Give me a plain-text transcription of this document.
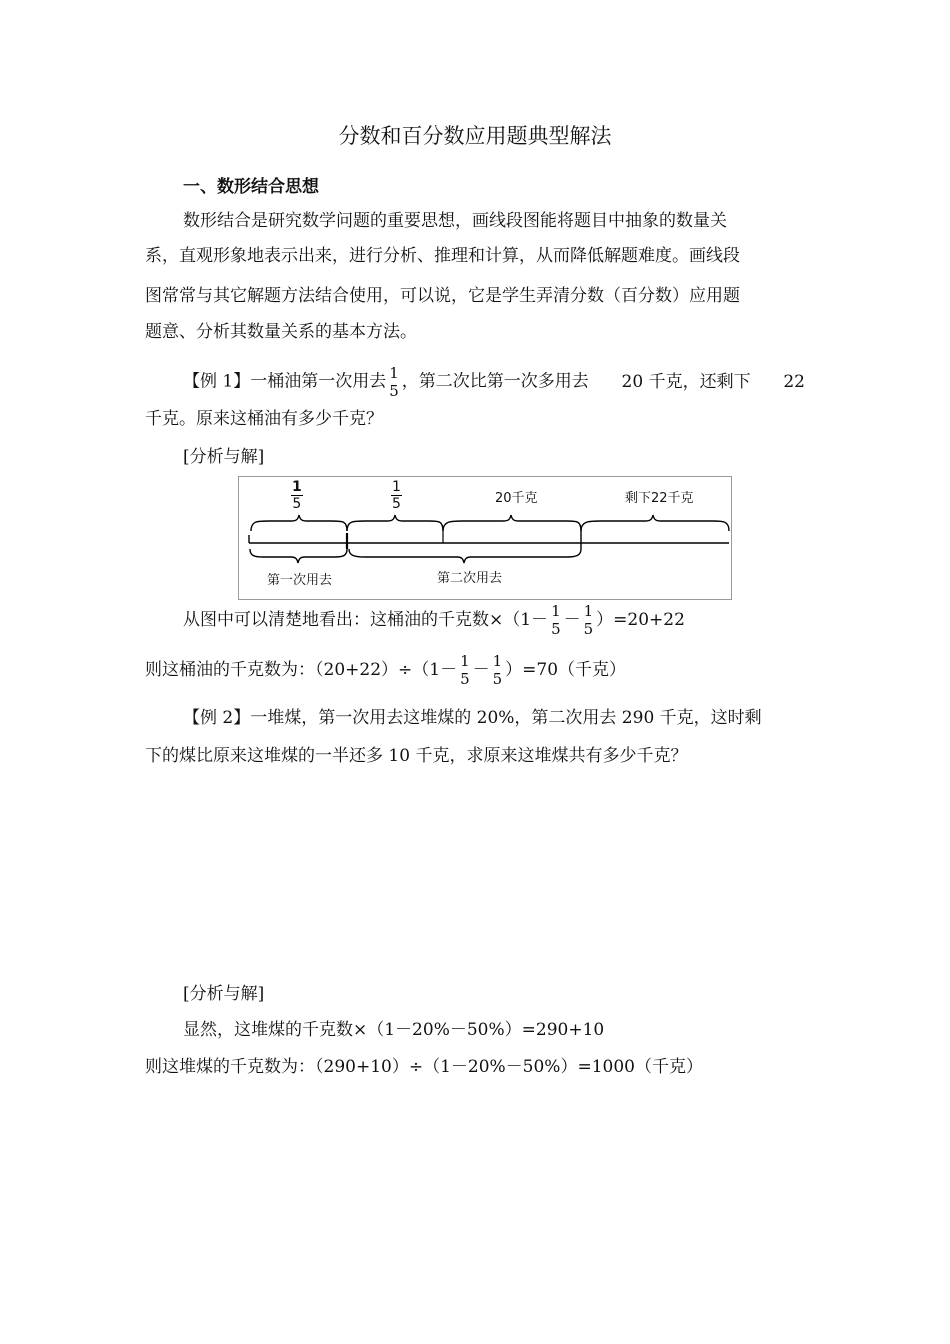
分数和百分数应用题典型解法
一、数形结合思想
数形结合是研究数学问题的重要思想，画线段图能将题目中抽象的数量关
系，直观形象地表示出来，进行分析、推理和计算，从而降低解题难度。画线段
图常常与其它解题方法结合使用，可以说，它是学生弄清分数（百分数）应用题
题意、分析其数量关系的基本方法。
【例 1】一桶油第一次用去 1
5 ，第二次比第一次多用去 20 千克，还剩下 22
千克。原来这桶油有多少千克？
[分析与解]
1
5
1
5	20千克	剩下22千克
第一次用去	第二次用去
从图中可以清楚地看出：这桶油的千克数×（1－ 1
5 － 1
5 ）=20+22
则这桶油的千克数为：（20+22）÷（1－ 1
5 － 1
5 ）=70（千克）
【例 2】一堆煤，第一次用去这堆煤的 20%，第二次用去 290 千克，这时剩
下的煤比原来这堆煤的一半还多 10 千克，求原来这堆煤共有多少千克？
[分析与解]
显然，这堆煤的千克数×（1－20%－50%）=290+10
则这堆煤的千克数为：（290+10）÷（1－20%－50%）=1000（千克）
